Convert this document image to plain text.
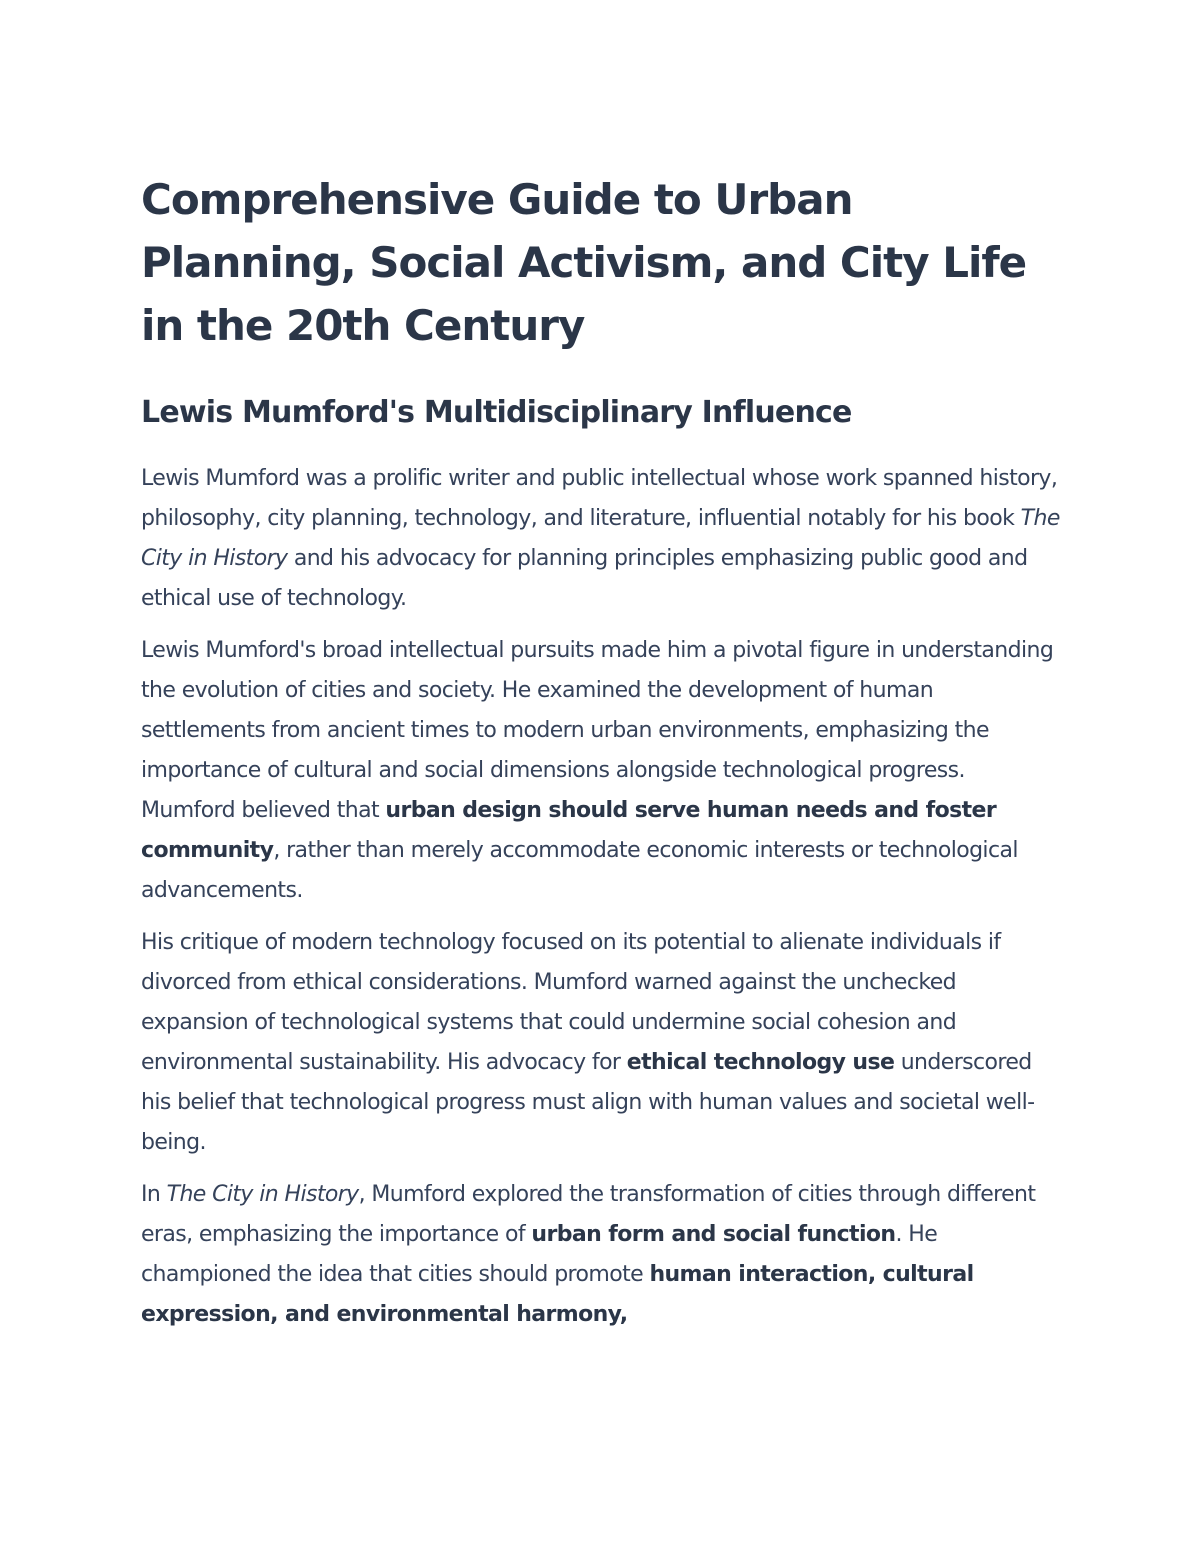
Comprehensive Guide to Urban Planning, Social Activism, and City Life in the 20th Century
Lewis Mumford's Multidisciplinary Influence

Lewis Mumford was a prolific writer and public intellectual whose work spanned history, philosophy, city planning, technology, and literature, influential notably for his book The City in History and his advocacy for planning principles emphasizing public good and ethical use of technology.

Lewis Mumford's broad intellectual pursuits made him a pivotal figure in understanding the evolution of cities and society. He examined the development of human settlements from ancient times to modern urban environments, emphasizing the importance of cultural and social dimensions alongside technological progress. Mumford believed that urban design should serve human needs and foster community, rather than merely accommodate economic interests or technological advancements.

His critique of modern technology focused on its potential to alienate individuals if divorced from ethical considerations. Mumford warned against the unchecked expansion of technological systems that could undermine social cohesion and environmental sustainability. His advocacy for ethical technology use underscored his belief that technological progress must align with human values and societal well-being.

In The City in History, Mumford explored the transformation of cities through different eras, emphasizing the importance of urban form and social function. He championed the idea that cities should promote human interaction, cultural expression, and environmental harmony,
